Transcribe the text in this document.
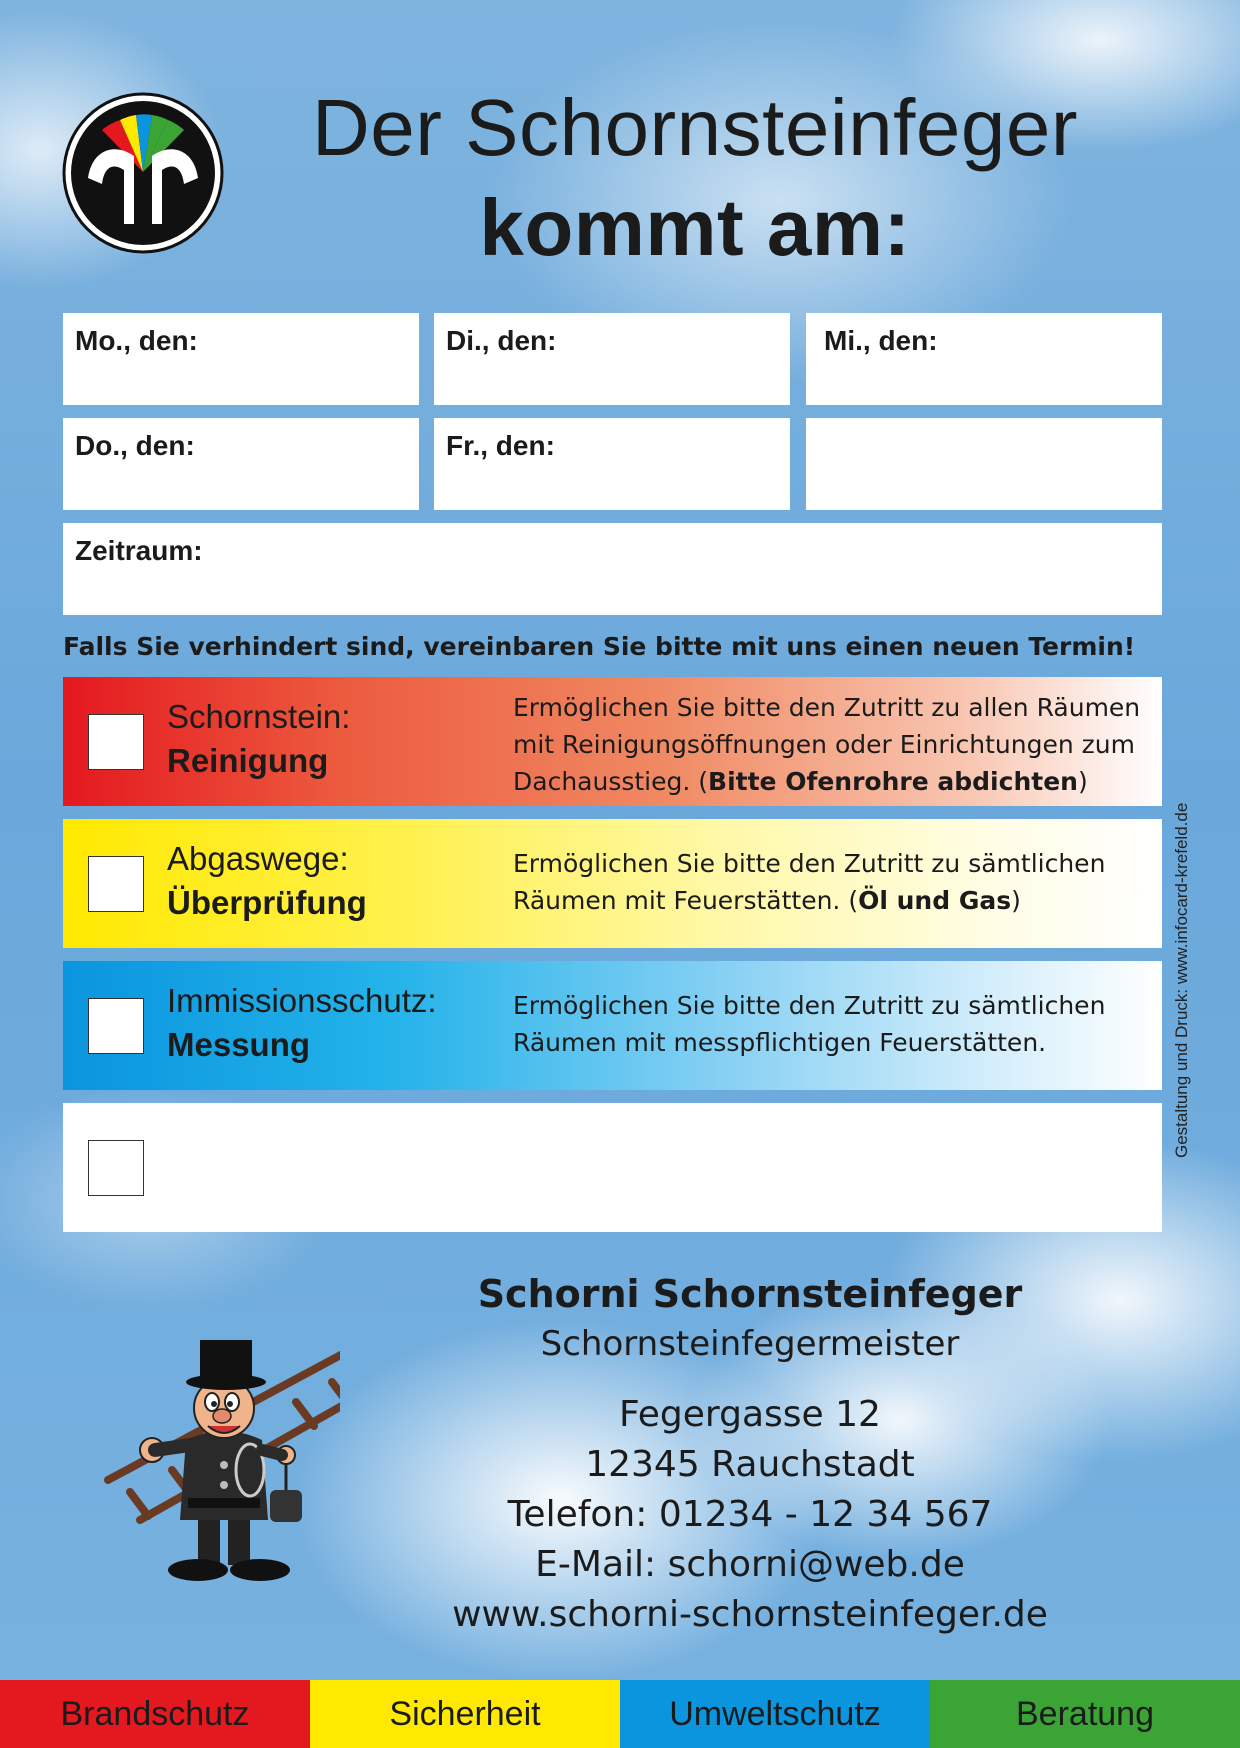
Der Schornsteinfeger
kommt am:
Mo., den:	Di., den:	Mi., den:
Do., den:	Fr., den:
Zeitraum:
Falls Sie verhindert sind, vereinbaren Sie bitte mit uns einen neuen Termin!
Schornstein:
Reinigung
Ermöglichen Sie bitte den Zutritt zu allen Räumen mit Reinigungsöffnungen oder Einrichtungen zum Dachausstieg. (Bitte Ofenrohre abdichten)
Abgaswege:
Überprüfung
Ermöglichen Sie bitte den Zutritt zu sämtlichen Räumen mit Feuerstätten. (Öl und Gas)
Immissionsschutz:
Messung
Ermöglichen Sie bitte den Zutritt zu sämtlichen Räumen mit messpflichtigen Feuerstätten.	Gestaltung und Druck: www.infocard-krefeld.de
Schorni Schornsteinfeger
Schornsteinfegermeister
Fegergasse 12
12345 Rauchstadt
Telefon: 01234 - 12 34 567
E-Mail: schorni@web.de
www.schorni-schornsteinfeger.de
Brandschutz	Sicherheit	Umweltschutz	Beratung
